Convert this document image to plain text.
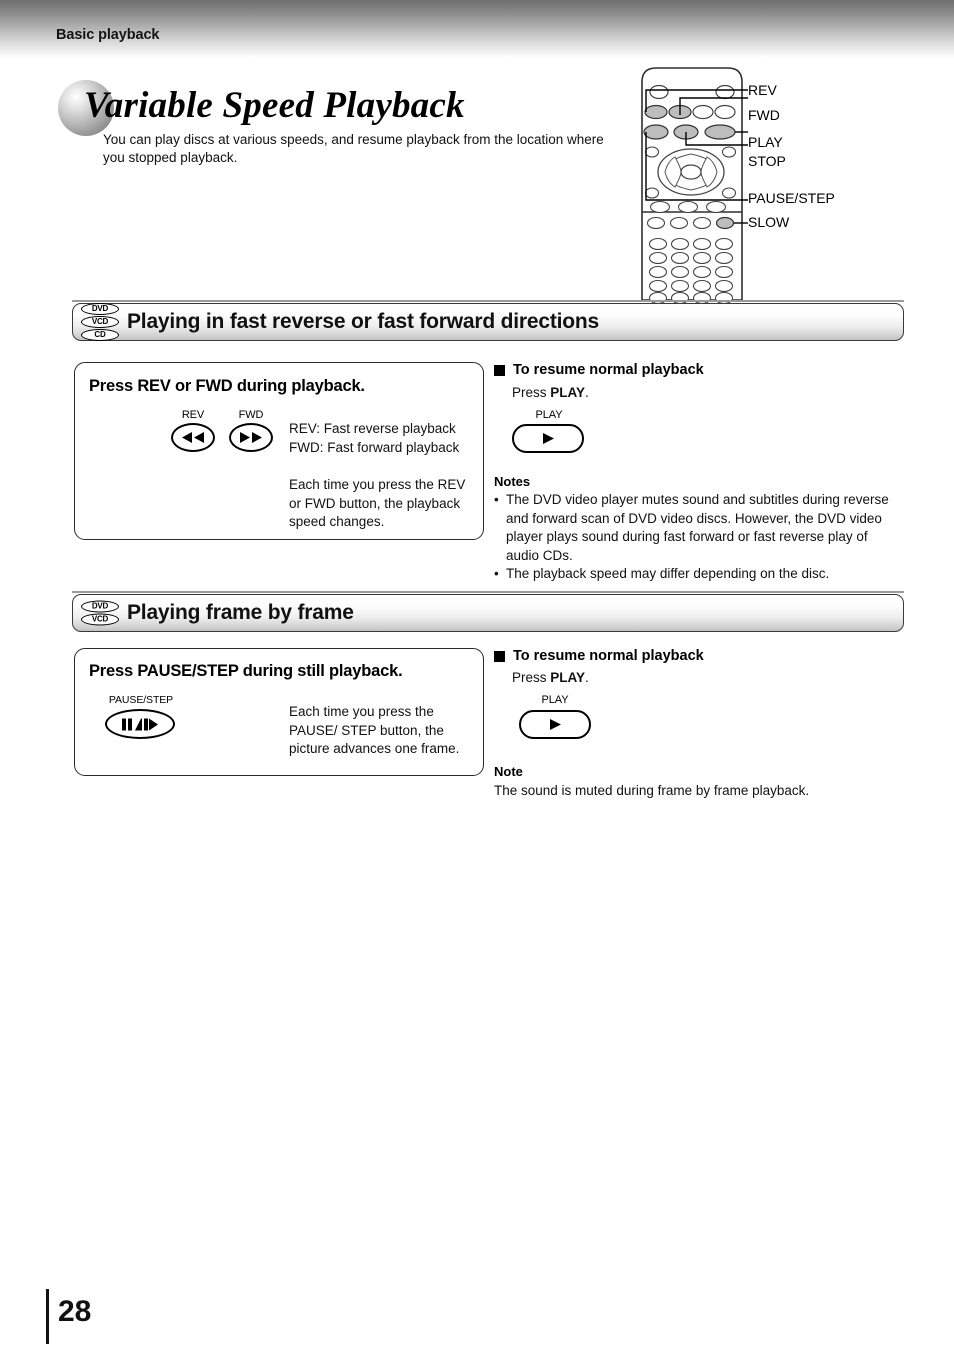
Basic playback
Variable Speed Playback
You can play discs at various speeds, and resume playback from the location where you stopped playback.
REV
FWD
PLAY
STOP
PAUSE/STEP
SLOW
DVD
VCD
CD
Playing in fast reverse or fast forward directions
Press REV or FWD during playback.
REV	FWD
REV: Fast reverse playback
FWD: Fast forward playback
Each time you press the REV or FWD button, the playback speed changes.
To resume normal playback
Press PLAY.
PLAY
Notes
• The DVD video player mutes sound and subtitles during reverse and forward scan of DVD video discs. However, the DVD video player plays sound during fast forward or fast reverse play of audio CDs.
• The playback speed may differ depending on the disc.
DVD
VCD Playing frame by frame
Press PAUSE/STEP during still playback.
PAUSE/STEP
Each time you press the PAUSE/ STEP button, the picture advances one frame.
To resume normal playback
Press PLAY.
PLAY
Note
The sound is muted during frame by frame playback.
28
